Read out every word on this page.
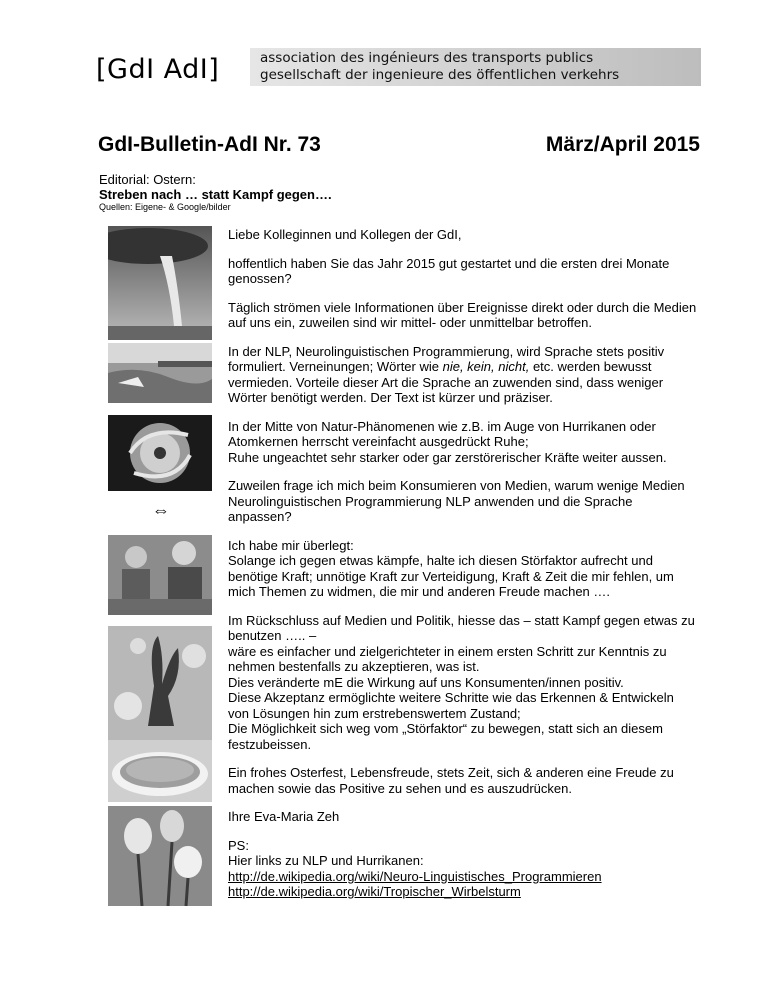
[GdI AdI]	association des ingénieurs des transports publics
gesellschaft der ingenieure des öffentlichen verkehrs
GdI-Bulletin-AdI Nr. 73	März/April 2015
Editorial: Ostern:
Streben nach … statt Kampf gegen….
Quellen: Eigene- & Google/bilder
⇔

Liebe Kolleginnen und Kollegen der GdI,

hoffentlich haben Sie das Jahr 2015 gut gestartet und die ersten drei Monate genossen?

Täglich strömen viele Informationen über Ereignisse direkt oder durch die Medien auf uns ein, zuweilen sind wir mittel- oder unmittelbar betroffen.

In der NLP, Neurolinguistischen Programmierung, wird Sprache stets positiv formuliert. Verneinungen; Wörter wie nie, kein, nicht, etc. werden bewusst vermieden. Vorteile dieser Art die Sprache an zuwenden sind, dass weniger Wörter benötigt werden. Der Text ist kürzer und präziser.

In der Mitte von Natur-Phänomenen wie z.B. im Auge von Hurrikanen oder Atomkernen herrscht vereinfacht ausgedrückt Ruhe;
Ruhe ungeachtet sehr starker oder gar zerstörerischer Kräfte weiter aussen.

Zuweilen frage ich mich beim Konsumieren von Medien, warum wenige Medien Neurolinguistischen Programmierung NLP anwenden und die Sprache anpassen?

Ich habe mir überlegt:
Solange ich gegen etwas kämpfe, halte ich diesen Störfaktor aufrecht und benötige Kraft; unnötige Kraft zur Verteidigung, Kraft & Zeit die mir fehlen, um mich Themen zu widmen, die mir und anderen Freude machen ….

Im Rückschluss auf Medien und Politik, hiesse das – statt Kampf gegen etwas zu benutzen ….. –
wäre es einfacher und zielgerichteter in einem ersten Schritt zur Kenntnis zu nehmen bestenfalls zu akzeptieren, was ist.
Dies veränderte mE die Wirkung auf uns Konsumenten/innen positiv.
Diese Akzeptanz ermöglichte weitere Schritte wie das Erkennen & Entwickeln von Lösungen hin zum erstrebenswertem Zustand;
Die Möglichkeit sich weg vom „Störfaktor“ zu bewegen, statt sich an diesem festzubeissen.

Ein frohes Osterfest, Lebensfreude, stets Zeit, sich & anderen eine Freude zu machen sowie das Positive zu sehen und es auszudrücken.

Ihre Eva-Maria Zeh

PS:
Hier links zu NLP und Hurrikanen:
http://de.wikipedia.org/wiki/Neuro-Linguistisches_Programmieren
http://de.wikipedia.org/wiki/Tropischer_Wirbelsturm
